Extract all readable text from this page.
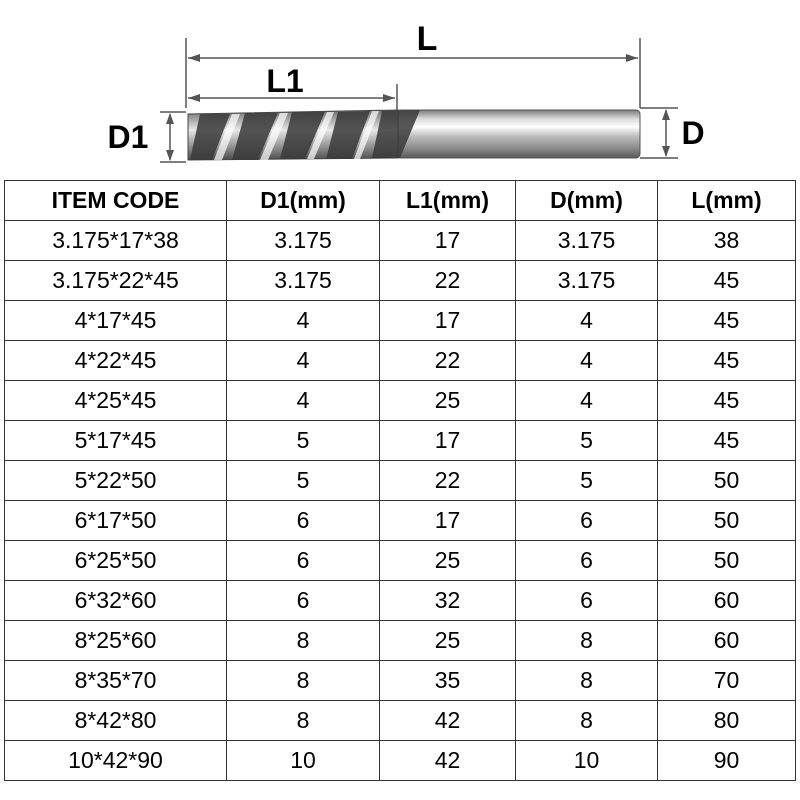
L
L1
D1	D
ITEM CODE	D1(mm)	L1(mm)	D(mm)	L(mm)
3.175*17*38	3.175	17	3.175	38
3.175*22*45	3.175	22	3.175	45
4*17*45	4	17	4	45
4*22*45	4	22	4	45
4*25*45	4	25	4	45
5*17*45	5	17	5	45
5*22*50	5	22	5	50
6*17*50	6	17	6	50
6*25*50	6	25	6	50
6*32*60	6	32	6	60
8*25*60	8	25	8	60
8*35*70	8	35	8	70
8*42*80	8	42	8	80
10*42*90	10	42	10	90
